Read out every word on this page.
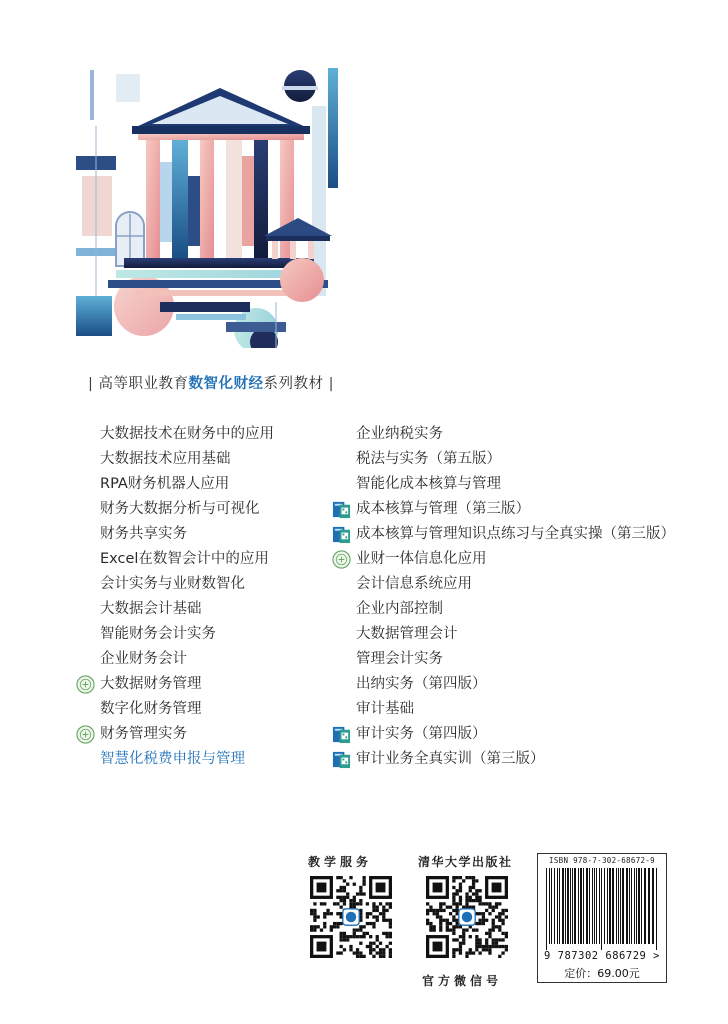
| 高等职业教育数智化财经系列教材 |
大数据技术在财务中的应用
大数据技术应用基础
RPA财务机器人应用
财务大数据分析与可视化
财务共享实务
Excel在数智会计中的应用
会计实务与业财数智化
大数据会计基础
智能财务会计实务
企业财务会计
大数据财务管理
数字化财务管理
财务管理实务
智慧化税费申报与管理
企业纳税实务
税法与实务（第五版）
智能化成本核算与管理
成本核算与管理（第三版）
成本核算与管理知识点练习与全真实操（第三版）
业财一体信息化应用
会计信息系统应用
企业内部控制
大数据管理会计
管理会计实务
出纳实务（第四版）
审计基础
审计实务（第四版）
审计业务全真实训（第三版）
教学服务	清华大学出版社
官方微信号
ISBN 978-7-302-68672-9
9 787302 686729 >
定价：69.00元
